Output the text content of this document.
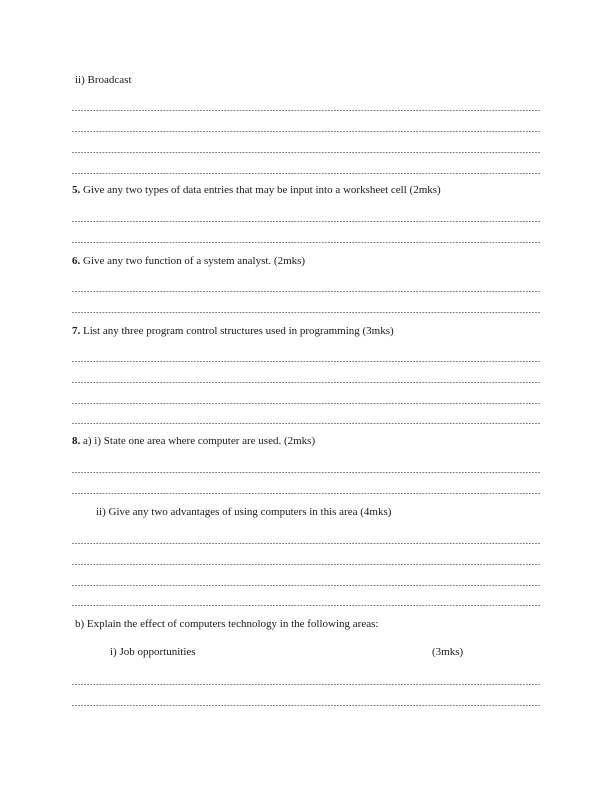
ii) Broadcast
5. Give any two types of data entries that may be input into a worksheet cell (2mks)
6. Give any two function of a system analyst. (2mks)
7. List any three program control structures used in programming (3mks)
8. a) i) State one area where computer are used. (2mks)
ii) Give any two advantages of using computers in this area (4mks)
b) Explain the effect of computers technology in the following areas:
i) Job opportunities	(3mks)
